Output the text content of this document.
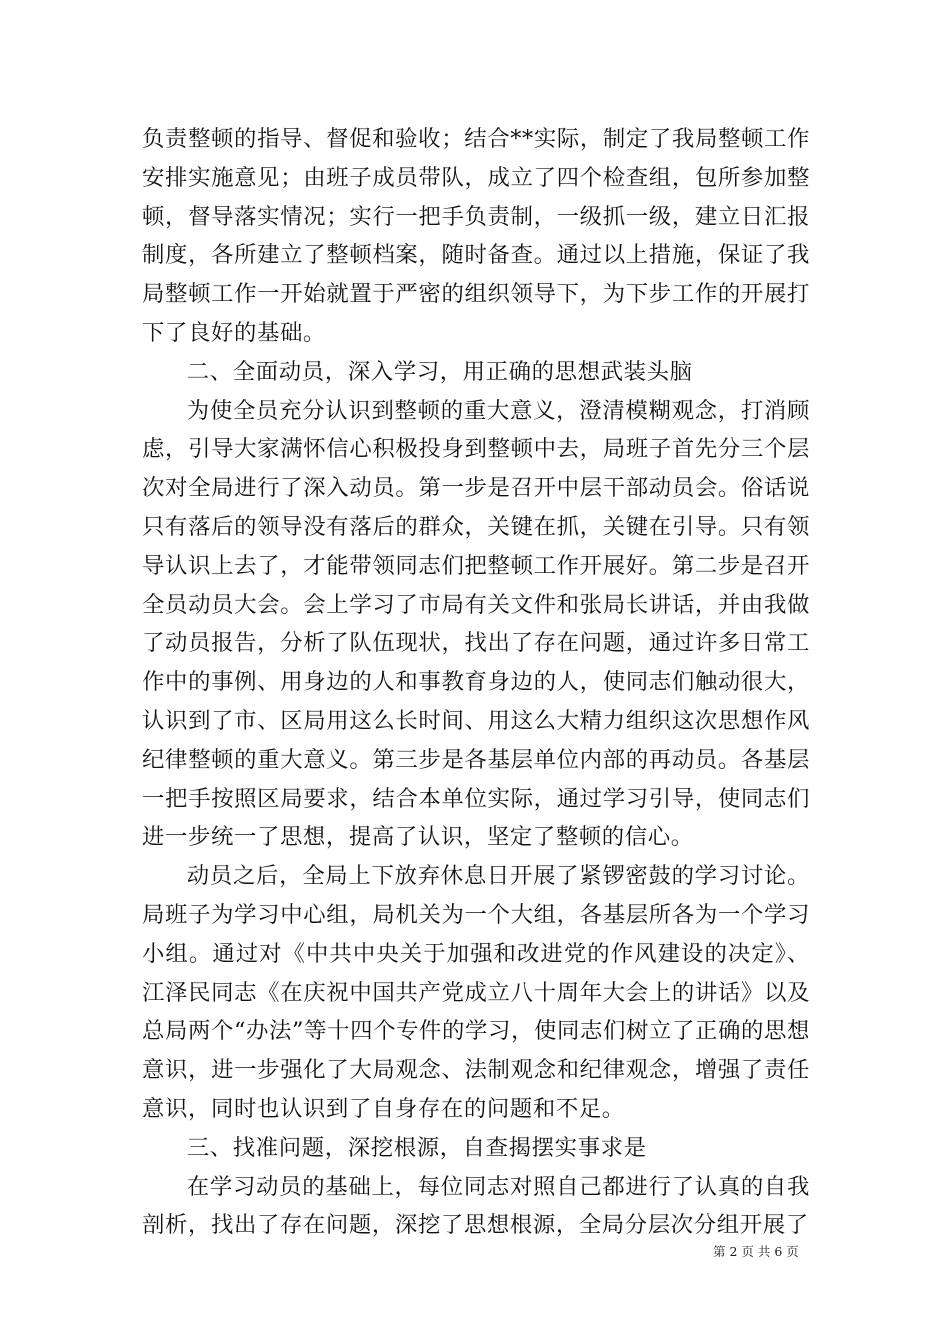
负责整顿的指导、督促和验收；结合**实际，制定了我局整顿工作安排实施意见；由班子成员带队，成立了四个检查组，包所参加整顿，督导落实情况；实行一把手负责制，一级抓一级，建立日汇报制度，各所建立了整顿档案，随时备查。通过以上措施，保证了我局整顿工作一开始就置于严密的组织领导下，为下步工作的开展打下了良好的基础。

二、全面动员，深入学习，用正确的思想武装头脑

为使全员充分认识到整顿的重大意义，澄清模糊观念，打消顾虑，引导大家满怀信心积极投身到整顿中去，局班子首先分三个层次对全局进行了深入动员。第一步是召开中层干部动员会。俗话说只有落后的领导没有落后的群众，关键在抓，关键在引导。只有领导认识上去了，才能带领同志们把整顿工作开展好。第二步是召开全员动员大会。会上学习了市局有关文件和张局长讲话，并由我做了动员报告，分析了队伍现状，找出了存在问题，通过许多日常工作中的事例、用身边的人和事教育身边的人，使同志们触动很大，认识到了市、区局用这么长时间、用这么大精力组织这次思想作风纪律整顿的重大意义。第三步是各基层单位内部的再动员。各基层一把手按照区局要求，结合本单位实际，通过学习引导，使同志们进一步统一了思想，提高了认识，坚定了整顿的信心。

动员之后，全局上下放弃休息日开展了紧锣密鼓的学习讨论。局班子为学习中心组，局机关为一个大组，各基层所各为一个学习小组。通过对《中共中央关于加强和改进党的作风建设的决定》、江泽民同志《在庆祝中国共产党成立八十周年大会上的讲话》以及总局两个“办法”等十四个专件的学习，使同志们树立了正确的思想意识，进一步强化了大局观念、法制观念和纪律观念，增强了责任意识，同时也认识到了自身存在的问题和不足。

三、找准问题，深挖根源，自查揭摆实事求是

在学习动员的基础上，每位同志对照自己都进行了认真的自我剖析，找出了存在问题，深挖了思想根源，全局分层次分组开展了

第 2 页 共 6 页
